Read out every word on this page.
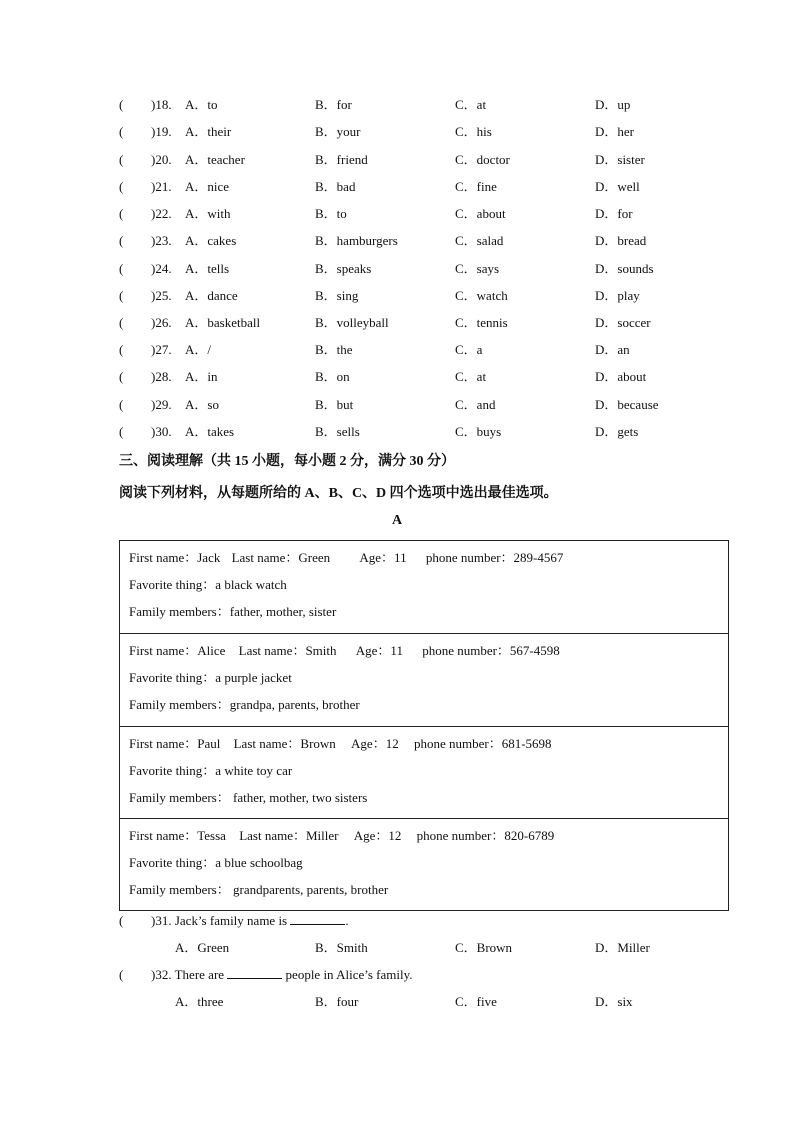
( )18. A．to	B．for	C．at	D．up
( )19. A．their	B．your	C．his	D．her
( )20. A．teacher	B．friend	C．doctor	D．sister
( )21. A．nice	B．bad	C．fine	D．well
( )22. A．with	B．to	C．about	D．for
( )23. A．cakes	B．hamburgers	C．salad	D．bread
( )24. A．tells	B．speaks	C．says	D．sounds
( )25. A．dance	B．sing	C．watch	D．play
( )26. A．basketball	B．volleyball	C．tennis	D．soccer
( )27. A．/	B．the	C．a	D．an
( )28. A．in	B．on	C．at	D．about
( )29. A．so	B．but	C．and	D．because
( )30. A．takes	B．sells	C．buys	D．gets
三、阅读理解（共 15 小题，每小题 2 分，满分 30 分）
阅读下列材料，从每题所给的 A、B、C、D 四个选项中选出最佳选项。
A
First name：Jack Last name：Green Age：11 phone number：289-4567
Favorite thing：a black watch
Family members：father, mother, sister
First name：Alice Last name：Smith Age：11 phone number：567-4598
Favorite thing：a purple jacket
Family members：grandpa, parents, brother
First name：Paul Last name：Brown Age：12 phone number：681-5698
Favorite thing：a white toy car
Family members： father, mother, two sisters
First name：Tessa Last name：Miller Age：12 phone number：820-6789
Favorite thing：a blue schoolbag
Family members： grandparents, parents, brother
( )31. Jack’s family name is	.
A．Green	B．Smith	C．Brown	D．Miller
( )32. There are	people in Alice’s family.
A．three	B．four	C．five	D．six
